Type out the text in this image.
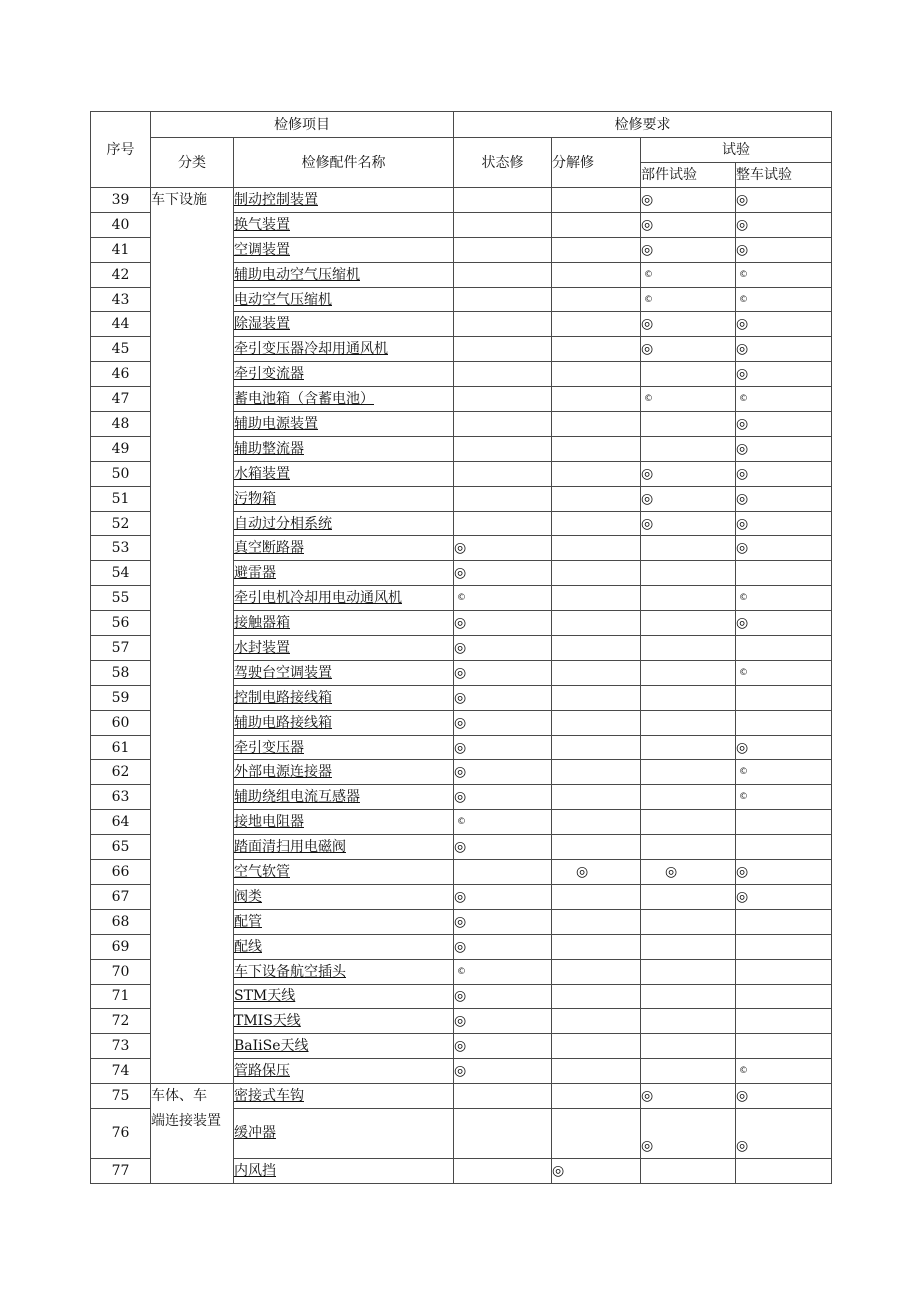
序号	检修项目		检修要求			
	分类	检修配件名称	状态修	分解修	试验	
					部件试验	整车试验
39	车下设施	制动控制装置			◎	◎
40		换气装置			◎	◎
41		空调装置			◎	◎
42		辅助电动空气压缩机			©	©
43		电动空气压缩机			©	©
44		除湿装置			◎	◎
45		牵引变压器冷却用通风机			◎	◎
46		牵引变流器				◎
47		蓄电池箱（含蓄电池）			©	©
48		辅助电源装置				◎
49		辅助整流器				◎
50		水箱装置			◎	◎
51		污物箱			◎	◎
52		自动过分相系统			◎	◎
53		真空断路器	◎			◎
54		避雷器	◎			
55		牵引电机冷却用电动通风机	©			©
56		接触器箱	◎			◎
57		水封装置	◎			
58		驾驶台空调装置	◎			©
59		控制电路接线箱	◎			
60		辅助电路接线箱	◎			
61		牵引变压器	◎			◎
62		外部电源连接器	◎			©
63		辅助绕组电流互感器	◎			©
64		接地电阻器	©			
65		踏面清扫用电磁阀	◎			
66		空气软管		◎	◎	◎
67		阀类	◎			◎
68		配管	◎			
69		配线	◎			
70		车下设备航空插头	©			
71		STM天线	◎			
72		TMIS天线	◎			
73		BaIiSe天线	◎			
74		管路保压	◎			©
75	车体、车
端连接装置	密接式车钩			◎	◎
76		缓冲器			◎	◎
77		内风挡		◎		
